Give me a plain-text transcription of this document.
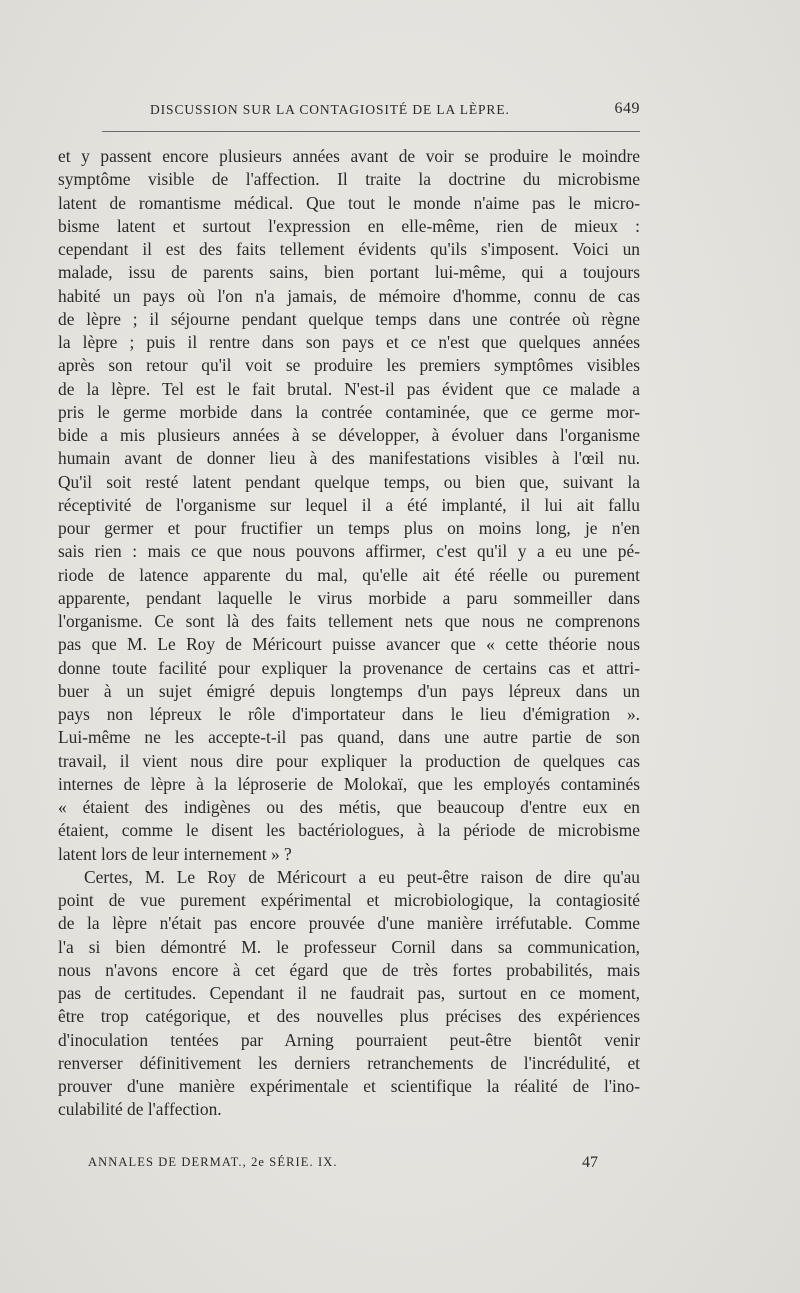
DISCUSSION SUR LA CONTAGIOSITÉ DE LA LÈPRE.	649
et y passent encore plusieurs années avant de voir se produire le moindre
symptôme visible de l'affection. Il traite la doctrine du microbisme
latent de romantisme médical. Que tout le monde n'aime pas le micro-
bisme latent et surtout l'expression en elle-même, rien de mieux :
cependant il est des faits tellement évidents qu'ils s'imposent. Voici un
malade, issu de parents sains, bien portant lui-même, qui a toujours
habité un pays où l'on n'a jamais, de mémoire d'homme, connu de cas
de lèpre ; il séjourne pendant quelque temps dans une contrée où règne
la lèpre ; puis il rentre dans son pays et ce n'est que quelques années
après son retour qu'il voit se produire les premiers symptômes visibles
de la lèpre. Tel est le fait brutal. N'est-il pas évident que ce malade a
pris le germe morbide dans la contrée contaminée, que ce germe mor-
bide a mis plusieurs années à se développer, à évoluer dans l'organisme
humain avant de donner lieu à des manifestations visibles à l'œil nu.
Qu'il soit resté latent pendant quelque temps, ou bien que, suivant la
réceptivité de l'organisme sur lequel il a été implanté, il lui ait fallu
pour germer et pour fructifier un temps plus on moins long, je n'en
sais rien : mais ce que nous pouvons affirmer, c'est qu'il y a eu une pé-
riode de latence apparente du mal, qu'elle ait été réelle ou purement
apparente, pendant laquelle le virus morbide a paru sommeiller dans
l'organisme. Ce sont là des faits tellement nets que nous ne comprenons
pas que M. Le Roy de Méricourt puisse avancer que « cette théorie nous
donne toute facilité pour expliquer la provenance de certains cas et attri-
buer à un sujet émigré depuis longtemps d'un pays lépreux dans un
pays non lépreux le rôle d'importateur dans le lieu d'émigration ».
Lui-même ne les accepte-t-il pas quand, dans une autre partie de son
travail, il vient nous dire pour expliquer la production de quelques cas
internes de lèpre à la léproserie de Molokaï, que les employés contaminés
« étaient des indigènes ou des métis, que beaucoup d'entre eux en
étaient, comme le disent les bactériologues, à la période de microbisme
latent lors de leur internement » ?
Certes, M. Le Roy de Méricourt a eu peut-être raison de dire qu'au
point de vue purement expérimental et microbiologique, la contagiosité
de la lèpre n'était pas encore prouvée d'une manière irréfutable. Comme
l'a si bien démontré M. le professeur Cornil dans sa communication,
nous n'avons encore à cet égard que de très fortes probabilités, mais
pas de certitudes. Cependant il ne faudrait pas, surtout en ce moment,
être trop catégorique, et des nouvelles plus précises des expériences
d'inoculation tentées par Arning pourraient peut-être bientôt venir
renverser définitivement les derniers retranchements de l'incrédulité, et
prouver d'une manière expérimentale et scientifique la réalité de l'ino-
culabilité de l'affection.
ANNALES DE DERMAT., 2e SÉRIE. IX.	47
